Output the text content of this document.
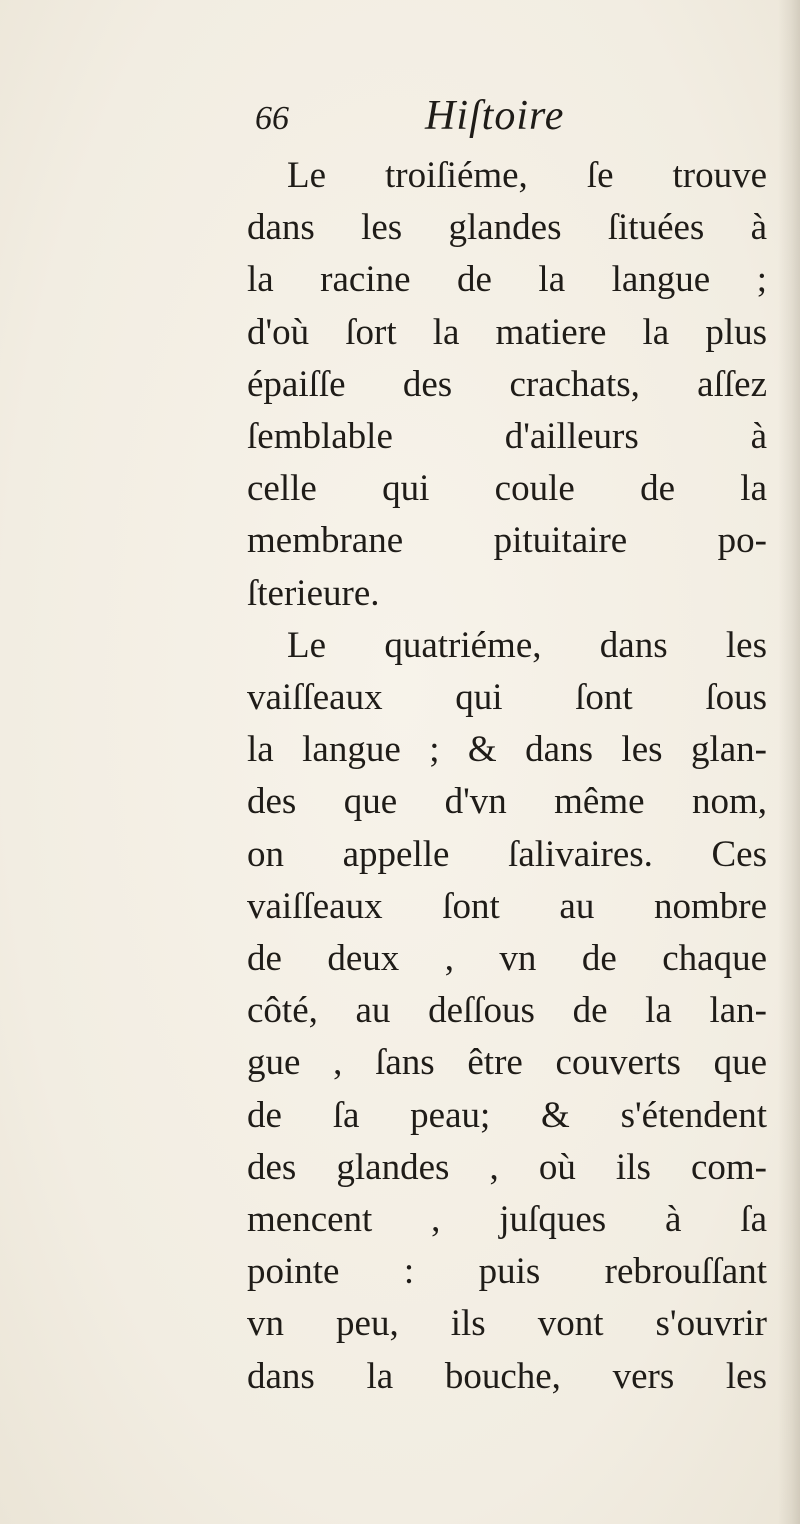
66	Hiſtoire
Le troiſiéme, ſe trouve
dans les glandes ſituées à
la racine de la langue ;
d'où ſort la matiere la plus
épaiſſe des crachats, aſſez
ſemblable d'ailleurs à
celle qui coule de la
membrane pituitaire po-
ſterieure.
Le quatriéme, dans les
vaiſſeaux qui ſont ſous
la langue ; & dans les glan-
des que d'vn même nom,
on appelle ſalivaires. Ces
vaiſſeaux ſont au nombre
de deux , vn de chaque
côté, au deſſous de la lan-
gue , ſans être couverts que
de ſa peau; & s'étendent
des glandes , où ils com-
mencent , juſques à ſa
pointe : puis rebrouſſant
vn peu, ils vont s'ouvrir
dans la bouche, vers les
